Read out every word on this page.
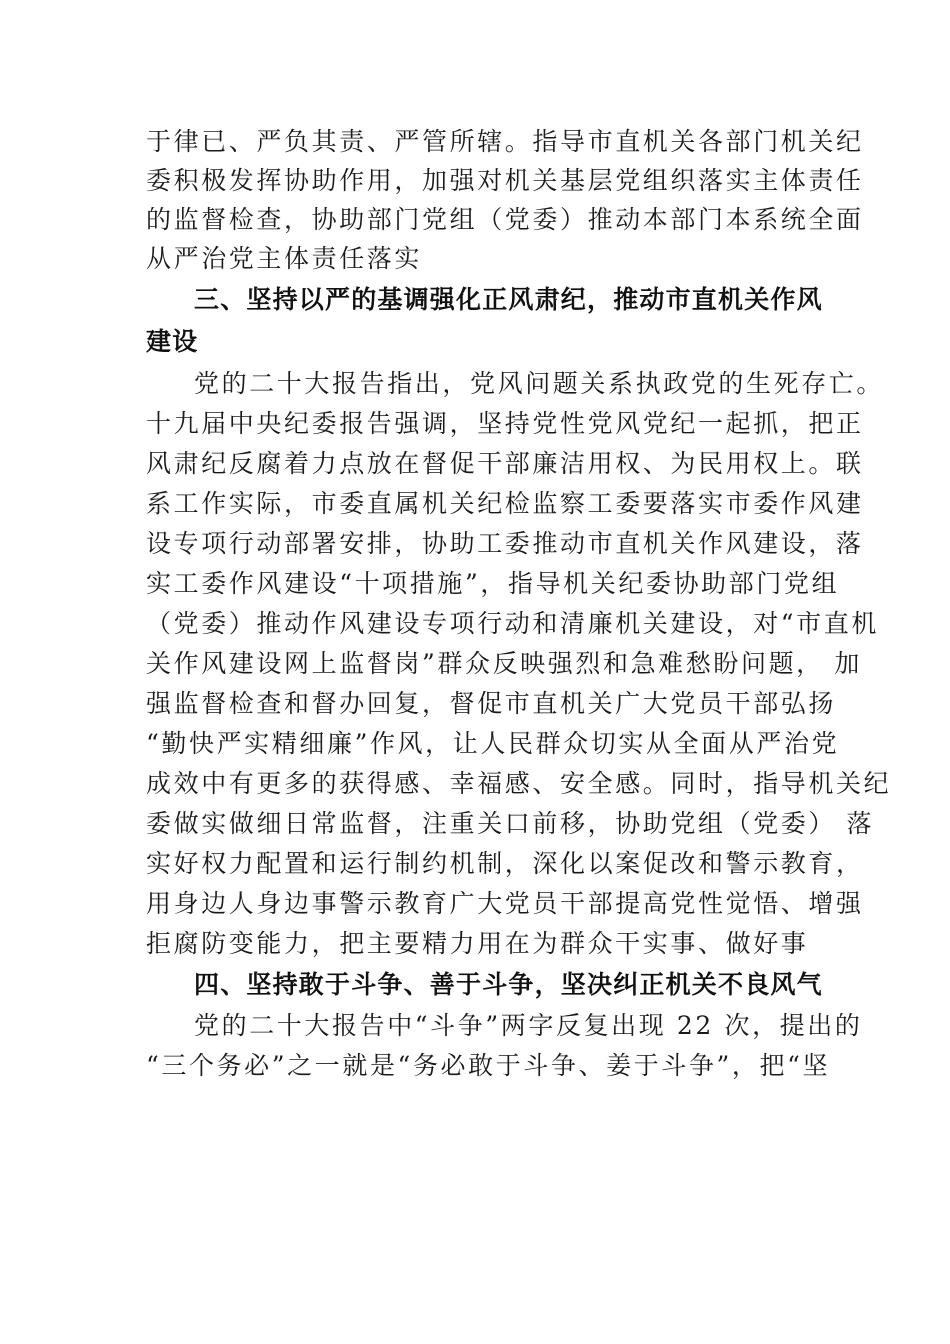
于律已、严负其责、严管所辖。指导市直机关各部门机关纪
委积极发挥协助作用，加强对机关基层党组织落实主体责任
的监督检查，协助部门党组（党委）推动本部门本系统全面
从严治党主体责任落实
三、坚持以严的基调强化正风肃纪，推动市直机关作风
建设
党的二十大报告指出，党风问题关系执政党的生死存亡。
十九届中央纪委报告强调，坚持党性党风党纪一起抓，把正
风肃纪反腐着力点放在督促干部廉洁用权、为民用权上。联
系工作实际，市委直属机关纪检监察工委要落实市委作风建
设专项行动部署安排，协助工委推动市直机关作风建设，落
实工委作风建设“十项措施”，指导机关纪委协助部门党组
（党委）推动作风建设专项行动和清廉机关建设，对“市直机
关作风建设网上监督岗”群众反映强烈和急难愁盼问题， 加
强监督检查和督办回复，督促市直机关广大党员干部弘扬
“勤快严实精细廉”作风，让人民群众切实从全面从严治党
成效中有更多的获得感、幸福感、安全感。同时，指导机关纪
委做实做细日常监督，注重关口前移，协助党组（党委） 落
实好权力配置和运行制约机制，深化以案促改和警示教育，
用身边人身边事警示教育广大党员干部提高党性觉悟、增强
拒腐防变能力，把主要精力用在为群众干实事、做好事
四、坚持敢于斗争、善于斗争，坚决纠正机关不良风气
党的二十大报告中“斗争”两字反复出现 22 次，提出的
“三个务必”之一就是“务必敢于斗争、姜于斗争”，把“坚
